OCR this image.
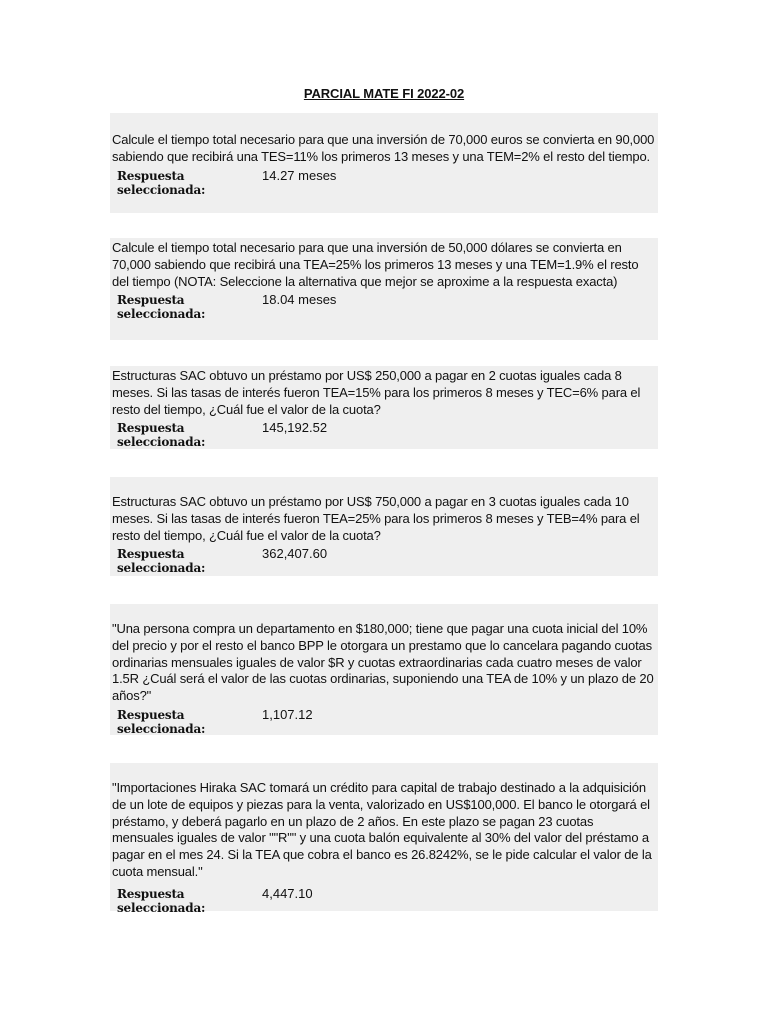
PARCIAL MATE FI 2022-02

Calcule el tiempo total necesario para que una inversión de 70,000 euros se convierta en 90,000 sabiendo que recibirá una TES=11% los primeros 13 meses y una TEM=2% el resto del tiempo.

Respuesta seleccionada:
14.27 meses

Calcule el tiempo total necesario para que una inversión de 50,000 dólares se convierta en 70,000 sabiendo que recibirá una TEA=25% los primeros 13 meses y una TEM=1.9% el resto del tiempo (NOTA: Seleccione la alternativa que mejor se aproxime a la respuesta exacta)

Respuesta seleccionada:
18.04 meses

Estructuras SAC obtuvo un préstamo por US$ 250,000 a pagar en 2 cuotas iguales cada 8 meses. Si las tasas de interés fueron TEA=15% para los primeros 8 meses y TEC=6% para el resto del tiempo, ¿Cuál fue el valor de la cuota?

Respuesta seleccionada:
145,192.52

Estructuras SAC obtuvo un préstamo por US$ 750,000 a pagar en 3 cuotas iguales cada 10 meses. Si las tasas de interés fueron TEA=25% para los primeros 8 meses y TEB=4% para el resto del tiempo, ¿Cuál fue el valor de la cuota?

Respuesta seleccionada:
362,407.60

"Una persona compra un departamento en $180,000; tiene que pagar una cuota inicial del 10% del precio y por el resto el banco BPP le otorgara un prestamo que lo cancelara pagando cuotas ordinarias mensuales iguales de valor $R y cuotas extraordinarias cada cuatro meses de valor 1.5R ¿Cuál será el valor de las cuotas ordinarias, suponiendo una TEA de 10% y un plazo de 20 años?"

Respuesta seleccionada:
1,107.12

"Importaciones Hiraka SAC tomará un crédito para capital de trabajo destinado a la adquisición de un lote de equipos y piezas para la venta, valorizado en US$100,000. El banco le otorgará el préstamo, y deberá pagarlo en un plazo de 2 años. En este plazo se pagan 23 cuotas mensuales iguales de valor ""R"" y una cuota balón equivalente al 30% del valor del préstamo a pagar en el mes 24. Si la TEA que cobra el banco es 26.8242%, se le pide calcular el valor de la cuota mensual."

Respuesta seleccionada:
4,447.10
